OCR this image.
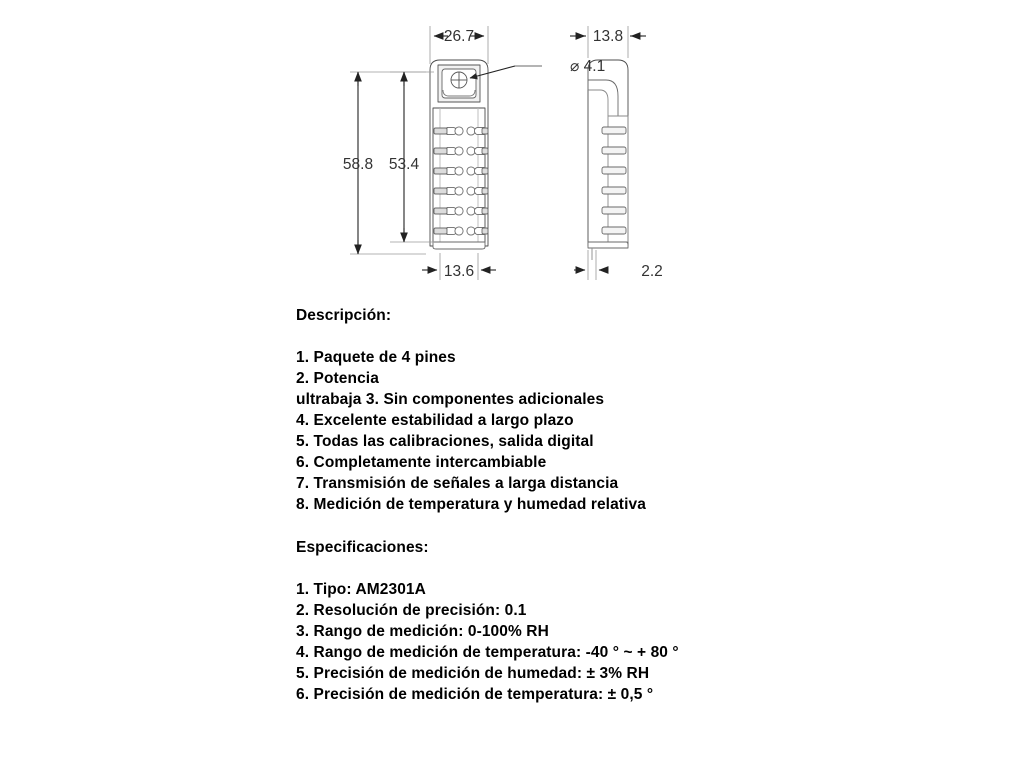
26.7	13.8
13.6	2.2
58.8 53.4
⌀ 4.1
Descripción:
1. Paquete de 4 pines
2. Potencia
ultrabaja 3. Sin componentes adicionales
4. Excelente estabilidad a largo plazo
5. Todas las calibraciones, salida digital
6. Completamente intercambiable
7. Transmisión de señales a larga distancia
8. Medición de temperatura y humedad relativa
Especificaciones:
1. Tipo: AM2301A
2. Resolución de precisión: 0.1
3. Rango de medición: 0-100% RH
4. Rango de medición de temperatura: -40 ° ~ + 80 °
5. Precisión de medición de humedad: ± 3% RH
6. Precisión de medición de temperatura: ± 0,5 °
